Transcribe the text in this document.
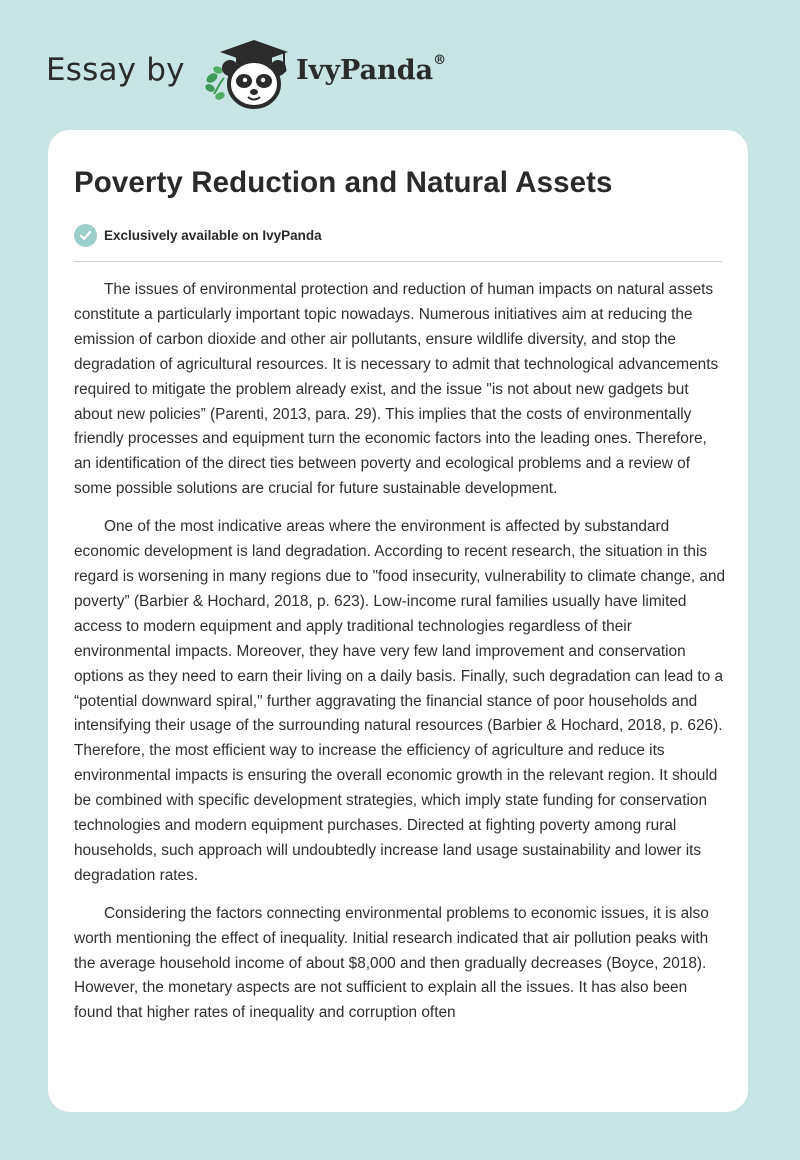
Essay by	IvyPanda®
Poverty Reduction and Natural Assets
Exclusively available on IvyPanda

The issues of environmental protection and reduction of human impacts on natural assets constitute a particularly important topic nowadays. Numerous initiatives aim at reducing the emission of carbon dioxide and other air pollutants, ensure wildlife diversity, and stop the degradation of agricultural resources. It is necessary to admit that technological advancements required to mitigate the problem already exist, and the issue "is not about new gadgets but about new policies” (Parenti, 2013, para. 29). This implies that the costs of environmentally friendly processes and equipment turn the economic factors into the leading ones. Therefore, an identification of the direct ties between poverty and ecological problems and a review of some possible solutions are crucial for future sustainable development.

One of the most indicative areas where the environment is affected by substandard economic development is land degradation. According to recent research, the situation in this regard is worsening in many regions due to "food insecurity, vulnerability to climate change, and poverty” (Barbier & Hochard, 2018, p. 623). Low-income rural families usually have limited access to modern equipment and apply traditional technologies regardless of their environmental impacts. Moreover, they have very few land improvement and conservation options as they need to earn their living on a daily basis. Finally, such degradation can lead to a “potential downward spiral," further aggravating the financial stance of poor households and intensifying their usage of the surrounding natural resources (Barbier & Hochard, 2018, p. 626). Therefore, the most efficient way to increase the efficiency of agriculture and reduce its environmental impacts is ensuring the overall economic growth in the relevant region. It should be combined with specific development strategies, which imply state funding for conservation technologies and modern equipment purchases. Directed at fighting poverty among rural households, such approach will undoubtedly increase land usage sustainability and lower its degradation rates.

Considering the factors connecting environmental problems to economic issues, it is also worth mentioning the effect of inequality. Initial research indicated that air pollution peaks with the average household income of about $8,000 and then gradually decreases (Boyce, 2018). However, the monetary aspects are not sufficient to explain all the issues. It has also been found that higher rates of inequality and corruption often
